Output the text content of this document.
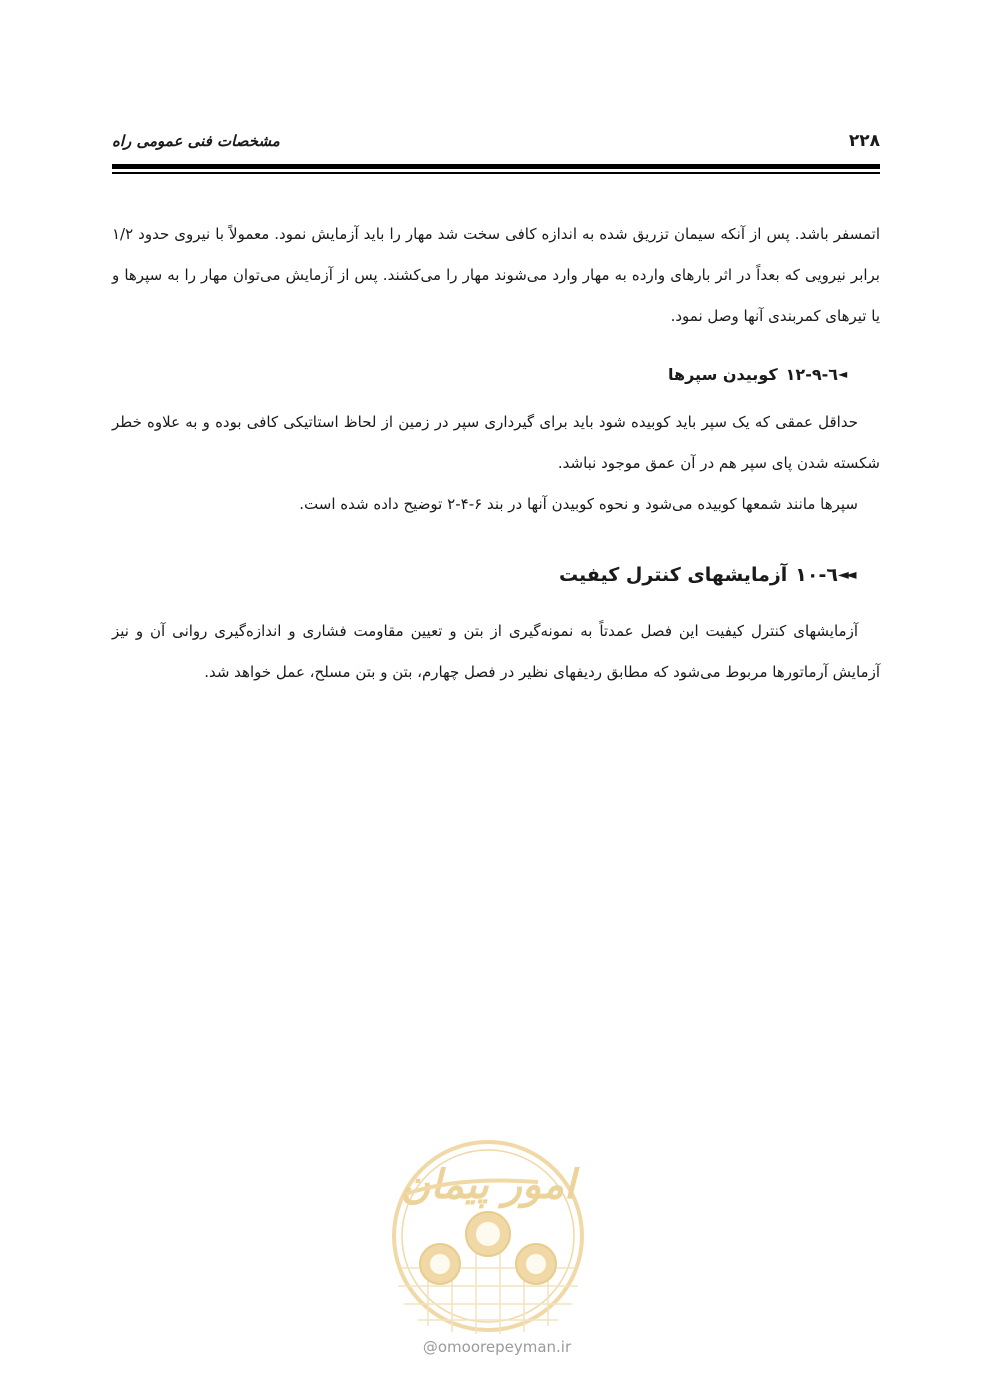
۲۲۸
مشخصات فنی عمومی راه

اتمسفر باشد. پس از آنکه سیمان تزریق شده به اندازه کافی سخت شد مهار را باید آزمایش نمود. معمولاً با نیروی حدود ۱/۲ برابر نیرویی که بعداً در اثر بارهای وارده به مهار وارد می‌شوند مهار را می‌کشند. پس از آزمایش می‌توان مهار را به سپرها و یا تیرهای کمربندی آنها وصل نمود.

◄
٦-٩-١٢
کوبیدن سپرها

حداقل عمقی که یک سپر باید کوبیده شود باید برای گیرداری سپر در زمین از لحاظ استاتیکی کافی بوده و به علاوه خطر شکسته شدن پای سپر هم در آن عمق موجود نباشد.

سپرها مانند شمعها کوبیده می‌شود و نحوه کوبیدن آنها در بند ۶-۴-۲ توضیح داده شده است.

◄◄
٦-١٠
آزمایشهای کنترل کیفیت

آزمایشهای کنترل کیفیت این فصل عمدتاً به نمونه‌گیری از بتن و تعیین مقاومت فشاری و اندازه‌گیری روانی آن و نیز آزمایش آرماتورها مربوط می‌شود که مطابق ردیفهای نظیر در فصل چهارم، بتن و بتن مسلح، عمل خواهد شد.

امور پیمان
@omoorepeyman.ir
